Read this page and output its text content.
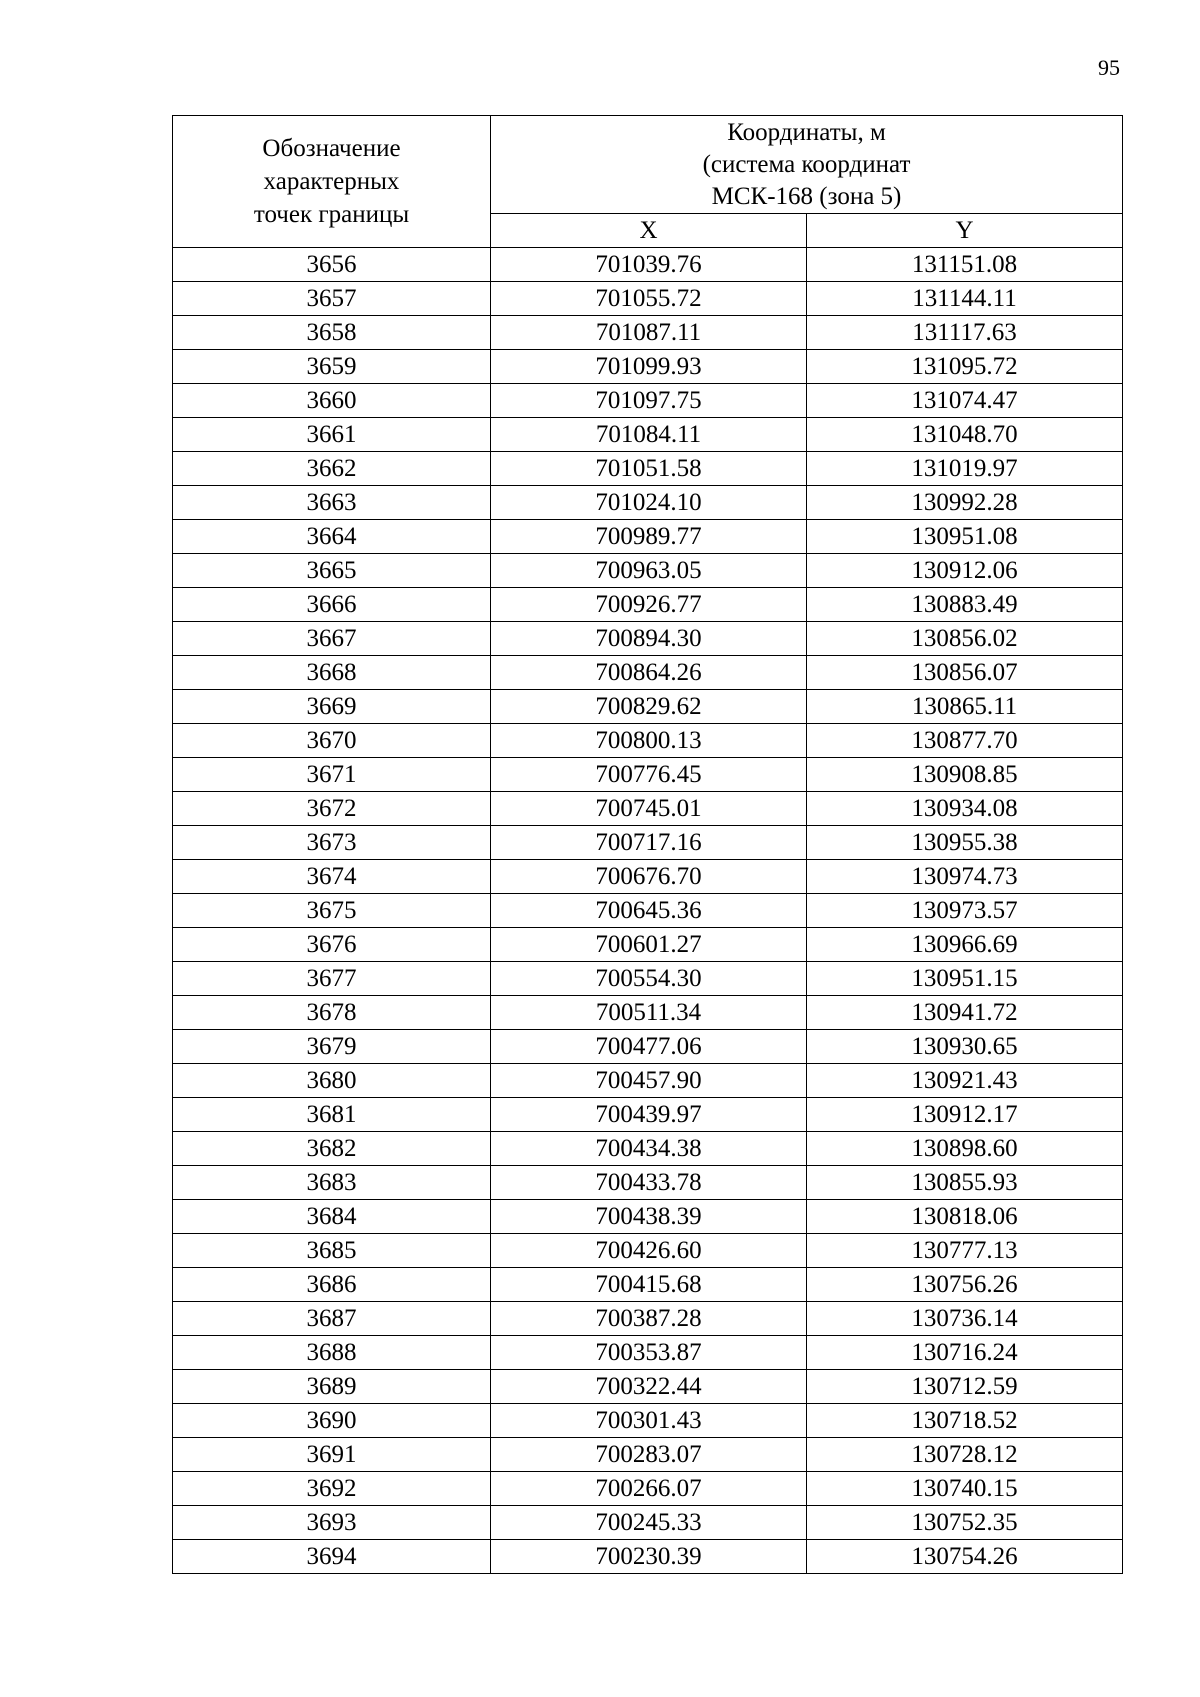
95
Обозначение
характерных
точек границы	Координаты, м
(система координат
МСК-168 (зона 5)	

	X	Y
3656	701039.76	131151.08
3657	701055.72	131144.11
3658	701087.11	131117.63
3659	701099.93	131095.72
3660	701097.75	131074.47
3661	701084.11	131048.70
3662	701051.58	131019.97
3663	701024.10	130992.28
3664	700989.77	130951.08
3665	700963.05	130912.06
3666	700926.77	130883.49
3667	700894.30	130856.02
3668	700864.26	130856.07
3669	700829.62	130865.11
3670	700800.13	130877.70
3671	700776.45	130908.85
3672	700745.01	130934.08
3673	700717.16	130955.38
3674	700676.70	130974.73
3675	700645.36	130973.57
3676	700601.27	130966.69
3677	700554.30	130951.15
3678	700511.34	130941.72
3679	700477.06	130930.65
3680	700457.90	130921.43
3681	700439.97	130912.17
3682	700434.38	130898.60
3683	700433.78	130855.93
3684	700438.39	130818.06
3685	700426.60	130777.13
3686	700415.68	130756.26
3687	700387.28	130736.14
3688	700353.87	130716.24
3689	700322.44	130712.59
3690	700301.43	130718.52
3691	700283.07	130728.12
3692	700266.07	130740.15
3693	700245.33	130752.35
3694	700230.39	130754.26
